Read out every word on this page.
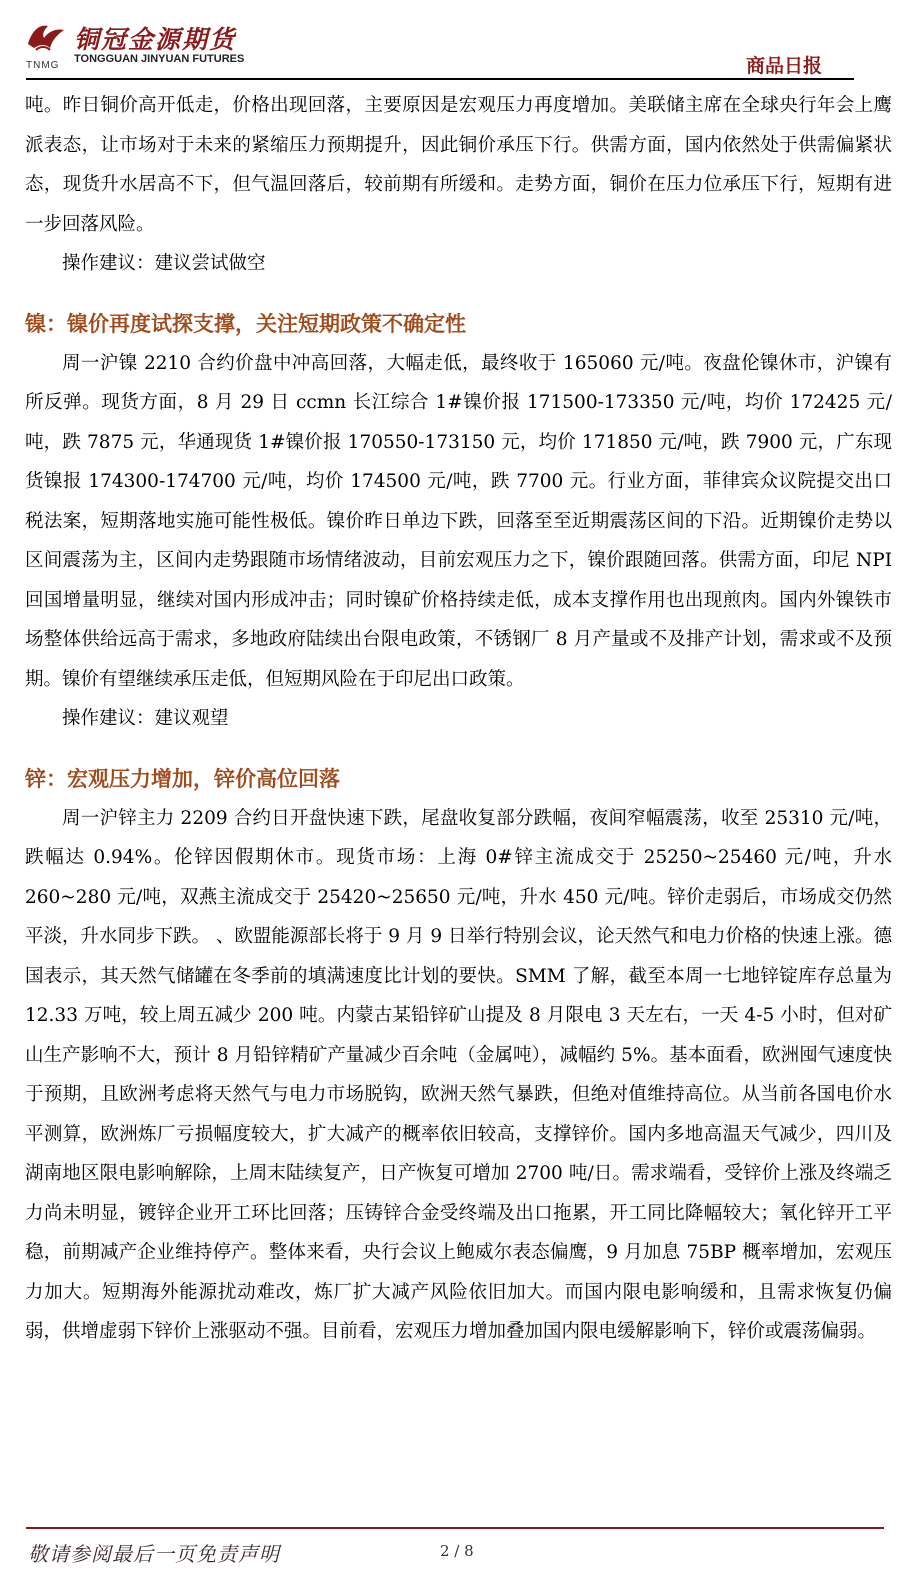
TNMG
铜冠金源期货
TONGGUAN JINYUAN FUTURES	商品日报

吨。昨日铜价高开低走，价格出现回落，主要原因是宏观压力再度增加。美联储主席在全球央行年会上鹰派表态，让市场对于未来的紧缩压力预期提升，因此铜价承压下行。供需方面，国内依然处于供需偏紧状态，现货升水居高不下，但气温回落后，较前期有所缓和。走势方面，铜价在压力位承压下行，短期有进一步回落风险。

操作建议：建议尝试做空

镍：镍价再度试探支撑，关注短期政策不确定性

周一沪镍 2210 合约价盘中冲高回落，大幅走低，最终收于 165060 元/吨。夜盘伦镍休市，沪镍有所反弹。现货方面，8 月 29 日 ccmn 长江综合 1#镍价报 171500-173350 元/吨，均价 172425 元/吨，跌 7875 元，华通现货 1#镍价报 170550-173150 元，均价 171850 元/吨，跌 7900 元，广东现货镍报 174300-174700 元/吨，均价 174500 元/吨，跌 7700 元。行业方面，菲律宾众议院提交出口税法案，短期落地实施可能性极低。镍价昨日单边下跌，回落至至近期震荡区间的下沿。近期镍价走势以区间震荡为主，区间内走势跟随市场情绪波动，目前宏观压力之下，镍价跟随回落。供需方面，印尼 NPI 回国增量明显，继续对国内形成冲击；同时镍矿价格持续走低，成本支撑作用也出现煎肉。国内外镍铁市场整体供给远高于需求，多地政府陆续出台限电政策，不锈钢厂 8 月产量或不及排产计划，需求或不及预期。镍价有望继续承压走低，但短期风险在于印尼出口政策。

操作建议：建议观望

锌：宏观压力增加，锌价高位回落

周一沪锌主力 2209 合约日开盘快速下跌，尾盘收复部分跌幅，夜间窄幅震荡，收至 25310 元/吨，跌幅达 0.94%。伦锌因假期休市。现货市场：上海 0#锌主流成交于 25250~25460 元/吨，升水 260~280 元/吨，双燕主流成交于 25420~25650 元/吨，升水 450 元/吨。锌价走弱后，市场成交仍然平淡，升水同步下跌。 、欧盟能源部长将于 9 月 9 日举行特别会议，论天然气和电力价格的快速上涨。德国表示，其天然气储罐在冬季前的填满速度比计划的要快。SMM 了解，截至本周一七地锌锭库存总量为 12.33 万吨，较上周五减少 200 吨。内蒙古某铅锌矿山提及 8 月限电 3 天左右，一天 4-5 小时，但对矿山生产影响不大，预计 8 月铅锌精矿产量减少百余吨（金属吨），减幅约 5%。基本面看，欧洲囤气速度快于预期，且欧洲考虑将天然气与电力市场脱钩，欧洲天然气暴跌，但绝对值维持高位。从当前各国电价水平测算，欧洲炼厂亏损幅度较大，扩大减产的概率依旧较高，支撑锌价。国内多地高温天气减少，四川及湖南地区限电影响解除，上周末陆续复产，日产恢复可增加 2700 吨/日。需求端看，受锌价上涨及终端乏力尚未明显，镀锌企业开工环比回落；压铸锌合金受终端及出口拖累，开工同比降幅较大；氧化锌开工平稳，前期减产企业维持停产。整体来看，央行会议上鲍威尔表态偏鹰，9 月加息 75BP 概率增加，宏观压力加大。短期海外能源扰动难改，炼厂扩大减产风险依旧加大。而国内限电影响缓和，且需求恢复仍偏弱，供增虚弱下锌价上涨驱动不强。目前看，宏观压力增加叠加国内限电缓解影响下，锌价或震荡偏弱。

敬请参阅最后一页免责声明	2 / 8
